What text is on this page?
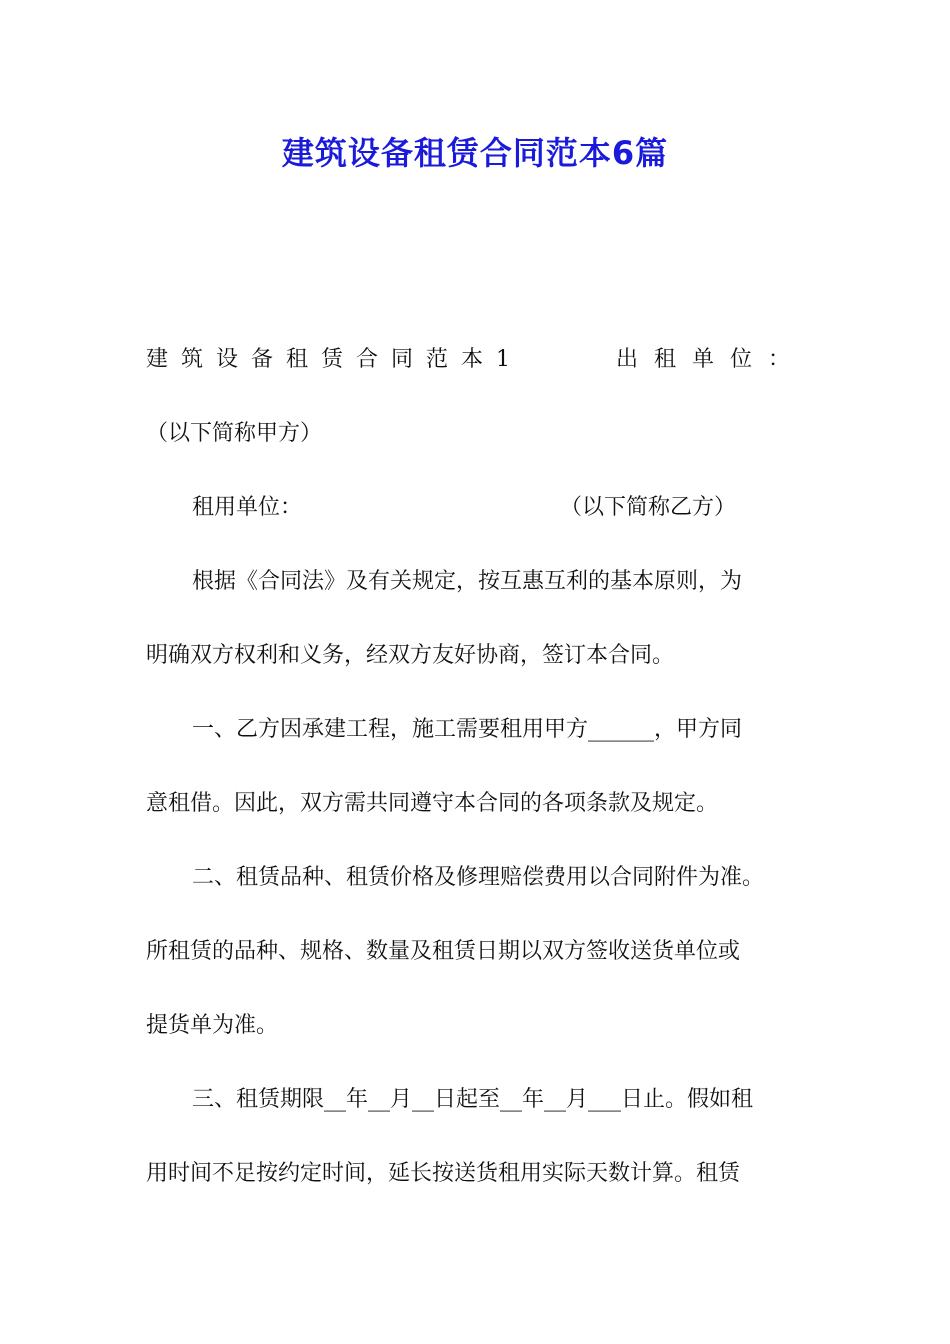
建筑设备租赁合同范本6篇
建筑设备租赁合同范本1	出租单位：
（以下简称甲方）
租用单位：	（以下简称乙方）
根据《合同法》及有关规定，按互惠互利的基本原则，为
明确双方权利和义务，经双方友好协商，签订本合同。
一、乙方因承建工程，施工需要租用甲方______，甲方同
意租借。因此，双方需共同遵守本合同的各项条款及规定。
二、租赁品种、租赁价格及修理赔偿费用以合同附件为准。
所租赁的品种、规格、数量及租赁日期以双方签收送货单位或
提货单为准。
三、租赁期限__年__月__日起至__年__月___日止。假如租
用时间不足按约定时间，延长按送货租用实际天数计算。租赁
